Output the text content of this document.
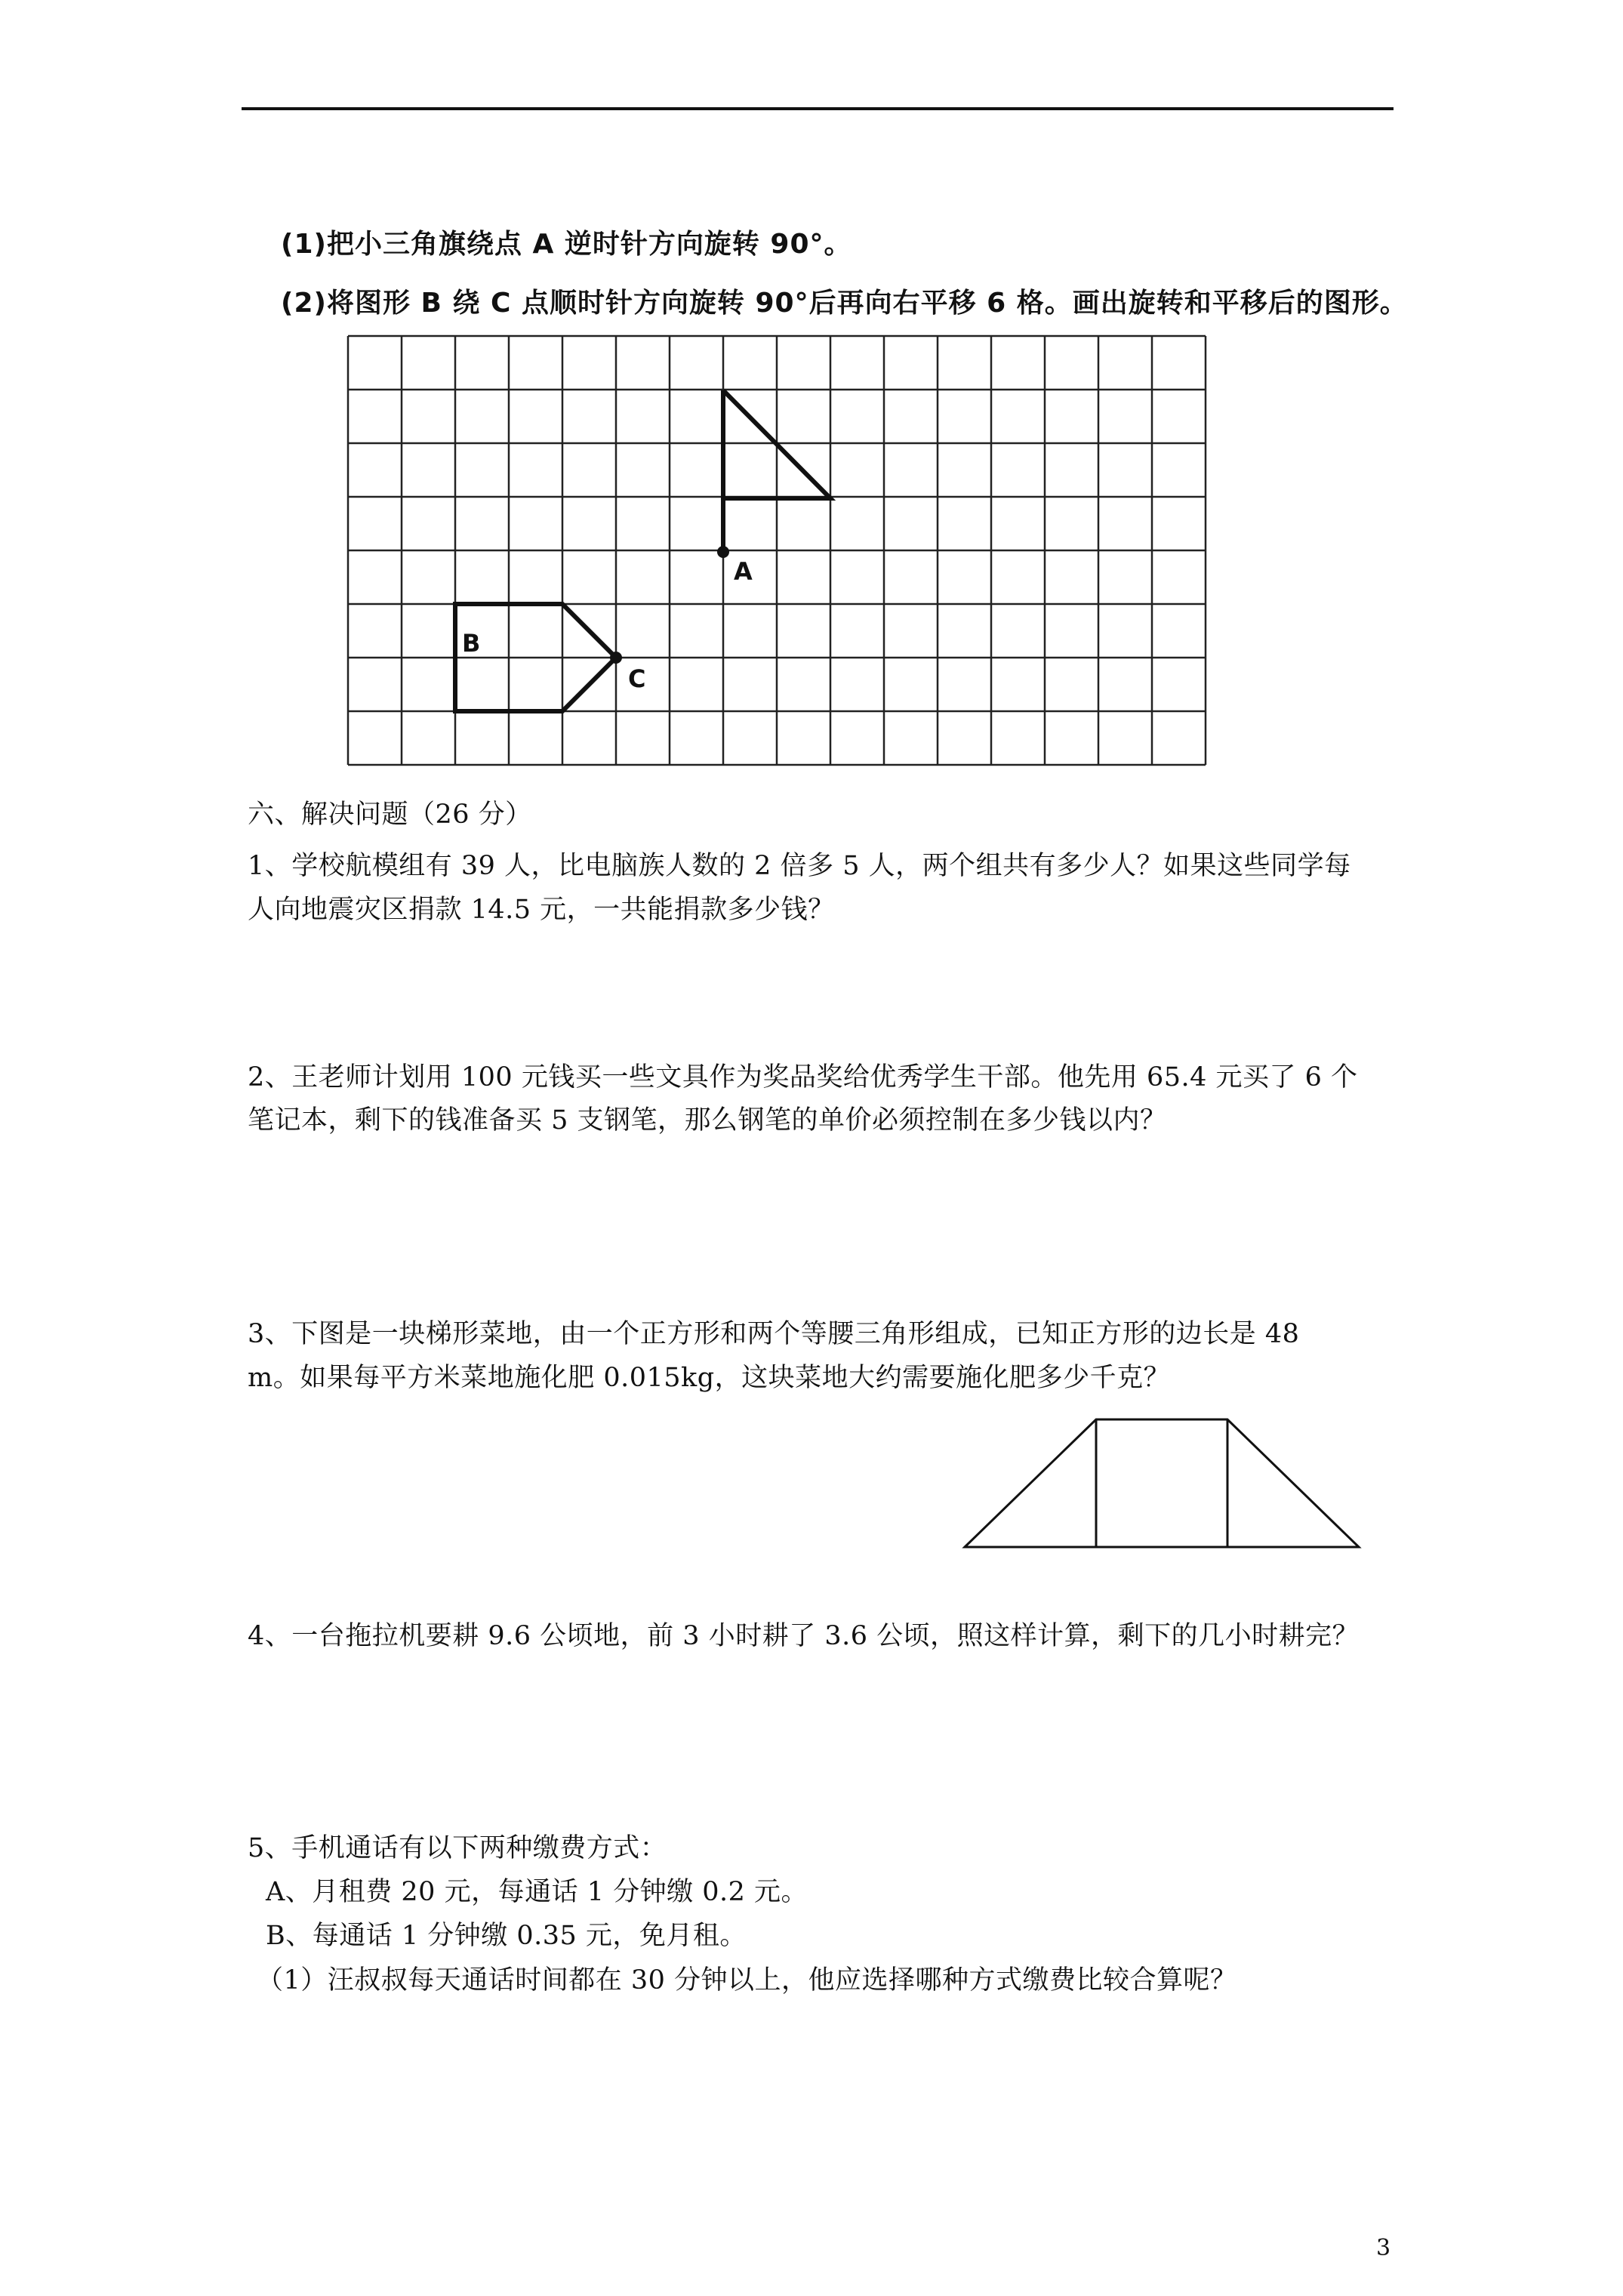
(1)把小三角旗绕点 A 逆时针方向旋转 90°。
(2)将图形 B 绕 C 点顺时针方向旋转 90°后再向右平移 6 格。画出旋转和平移后的图形。
A
B
C
六、解决问题（26 分）
1、学校航模组有 39 人，比电脑族人数的 2 倍多 5 人，两个组共有多少人？如果这些同学每
人向地震灾区捐款 14.5 元，一共能捐款多少钱？
2、王老师计划用 100 元钱买一些文具作为奖品奖给优秀学生干部。他先用 65.4 元买了 6 个
笔记本，剩下的钱准备买 5 支钢笔，那么钢笔的单价必须控制在多少钱以内？
3、下图是一块梯形菜地，由一个正方形和两个等腰三角形组成，已知正方形的边长是 48
m。如果每平方米菜地施化肥 0.015kg，这块菜地大约需要施化肥多少千克？
4、一台拖拉机要耕 9.6 公顷地，前 3 小时耕了 3.6 公顷，照这样计算，剩下的几小时耕完？
5、手机通话有以下两种缴费方式：
A、月租费 20 元，每通话 1 分钟缴 0.2 元。
B、每通话 1 分钟缴 0.35 元，免月租。
（1）汪叔叔每天通话时间都在 30 分钟以上，他应选择哪种方式缴费比较合算呢？
3
